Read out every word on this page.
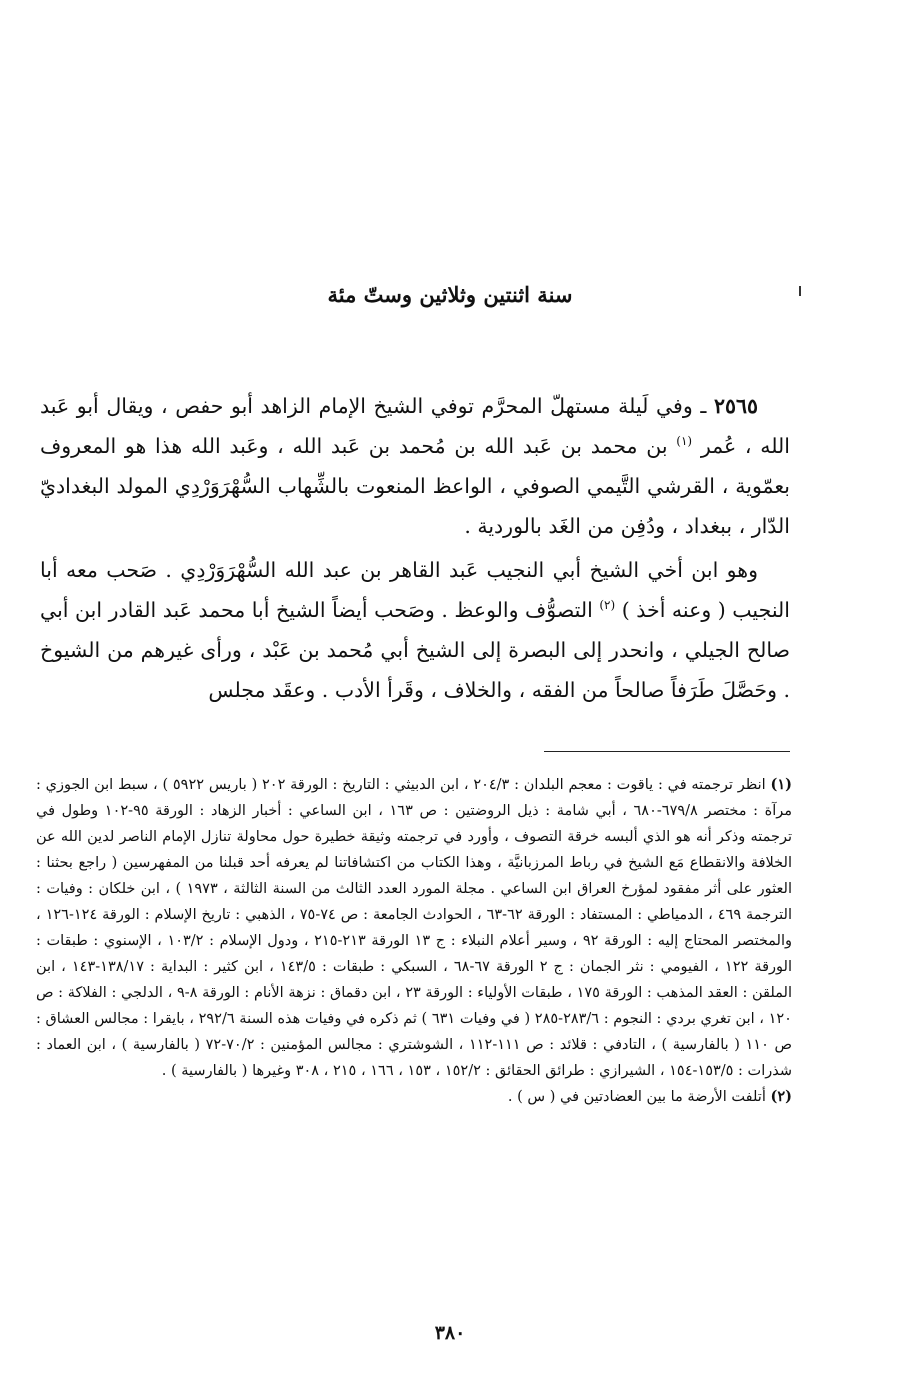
سنة اثنتين وثلاثين وستّ مئة

٢٥٦٥ ـ وفي لَيلة مستهلّ المحرَّم توفي الشيخ الإمام الزاهد أبو حفص ، ويقال أبو عَبد الله ، عُمر $^{(١)}$ بن محمد بن عَبد الله بن مُحمد بن عَبد الله ، وعَبد الله هذا هو المعروف بعمّوية ، القرشي التَّيمي الصوفي ، الواعظ المنعوت بالشِّهاب السُّهْرَوَرْدِي المولد البغداديّ الدّار ، ببغداد ، ودُفِن من الغَد بالوردية .

وهو ابن أخي الشيخ أبي النجيب عَبد القاهر بن عبد الله السُّهْرَوَرْدِي . صَحب معه أبا النجيب ( وعنه أخذ ) $^{(٢)}$ التصوُّف والوعظ . وصَحب أيضاً الشيخ أبا محمد عَبد القادر ابن أبي صالح الجيلي ، وانحدر إلى البصرة إلى الشيخ أبي مُحمد بن عَبْد ، ورأى غيرهم من الشيوخ . وحَصَّلَ طَرَفاً صالحاً من الفقه ، والخلاف ، وقَرأ الأدب . وعقَد مجلس

(١) انظر ترجمته في : ياقوت : معجم البلدان : ٢٠٤/٣ ، ابن الدبيثي : التاريخ : الورقة ٢٠٢ ( باريس ٥٩٢٢ ) ، سبط ابن الجوزي : مرآة : مختصر ٦٧٩/٨-٦٨٠ ، أبي شامة : ذيل الروضتين : ص ١٦٣ ، ابن الساعي : أخبار الزهاد : الورقة ٩٥-١٠٢ وطول في ترجمته وذكر أنه هو الذي ألبسه خرقة التصوف ، وأورد في ترجمته وثيقة خطيرة حول محاولة تنازل الإمام الناصر لدين الله عن الخلافة والانقطاع مَع الشيخ في رباط المرزبانيَّة ، وهذا الكتاب من اكتشافاتنا لم يعرفه أحد قبلنا من المفهرسين ( راجع بحثنا : العثور على أثر مفقود لمؤرخ العراق ابن الساعي . مجلة المورد العدد الثالث من السنة الثالثة ، ١٩٧٣ ) ، ابن خلكان : وفيات : الترجمة ٤٦٩ ، الدمياطي : المستفاد : الورقة ٦٢-٦٣ ، الحوادث الجامعة : ص ٧٤-٧٥ ، الذهبي : تاريخ الإسلام : الورقة ١٢٤-١٢٦ ، والمختصر المحتاج إليه : الورقة ٩٢ ، وسير أعلام النبلاء : ج ١٣ الورقة ٢١٣-٢١٥ ، ودول الإسلام : ١٠٣/٢ ، الإسنوي : طبقات : الورقة ١٢٢ ، الفيومي : نثر الجمان : ج ٢ الورقة ٦٧-٦٨ ، السبكي : طبقات : ١٤٣/٥ ، ابن كثير : البداية : ١٣٨/١٧-١٤٣ ، ابن الملقن : العقد المذهب : الورقة ١٧٥ ، طبقات الأولياء : الورقة ٢٣ ، ابن دقماق : نزهة الأنام : الورقة ٨-٩ ، الدلجي : الفلاكة : ص ١٢٠ ، ابن تغري بردي : النجوم : ٢٨٣/٦-٢٨٥ ( في وفيات ٦٣١ ) ثم ذكره في وفيات هذه السنة ٢٩٢/٦ ، بايقرا : مجالس العشاق : ص ١١٠ ( بالفارسية ) ، التادفي : قلائد : ص ١١١-١١٢ ، الشوشتري : مجالس المؤمنين : ٧٠/٢-٧٢ ( بالفارسية ) ، ابن العماد : شذرات : ١٥٣/٥-١٥٤ ، الشيرازي : طرائق الحقائق : ١٥٢/٢ ، ١٥٣ ، ١٦٦ ، ٢١٥ ، ٣٠٨ وغيرها ( بالفارسية ) .

(٢) أتلفت الأرضة ما بين العضادتين في ( س ) .

٣٨٠
